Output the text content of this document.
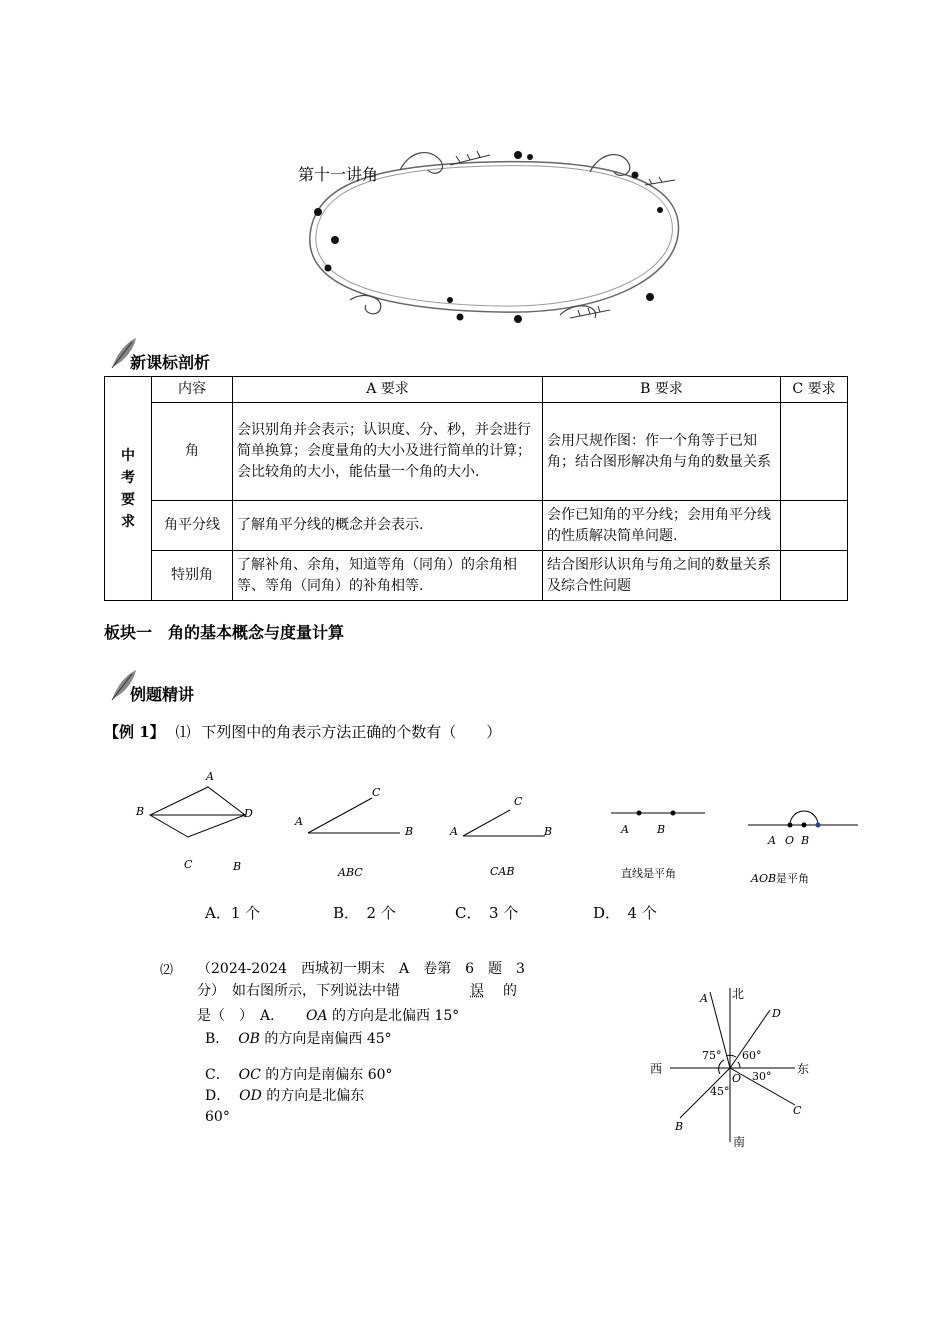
第十一讲角
新课标剖析
中
考
要
求	内容	A 要求	B 要求	C 要求
	角	会识别角并会表示；认识度、分、秒，并会进行简单换算；会度量角的大小及进行简单的计算；会比较角的大小，能估量一个角的大小.	会用尺规作图：作一个角等于已知角；结合图形解决角与角的数量关系	
	角平分线	了解角平分线的概念并会表示.	会作已知角的平分线；会用角平分线的性质解决简单问题.	
	特别角	了解补角、余角，知道等角（同角）的余角相等、等角（同角）的补角相等.	结合图形认识角与角之间的数量关系及综合性问题	
板块一　角的基本概念与度量计算
例题精讲
【例 1】 ⑴ 下列图中的角表示方法正确的个数有（　　）
A
B	D
C	B
C
A
B
ABC
C
A	B
CAB
A	B
直线是平角
A O B
AOB是平角
A．1 个	B．　2 个	C．　3 个	D．　4 个
⑵ （2024-2024　西城初一期末　A　卷第　6　题　3
分）　如右图所示，下列说法中错	误 的
是（　）　A． OA 的方向是北偏西 15°
B． OB 的方向是南偏西 45°
C． OC 的方向是南偏东 60°
D． OD 的方向是北偏东
60°
北
南
东
西
A
B
C
D
O
75° 60°
30°
45°
